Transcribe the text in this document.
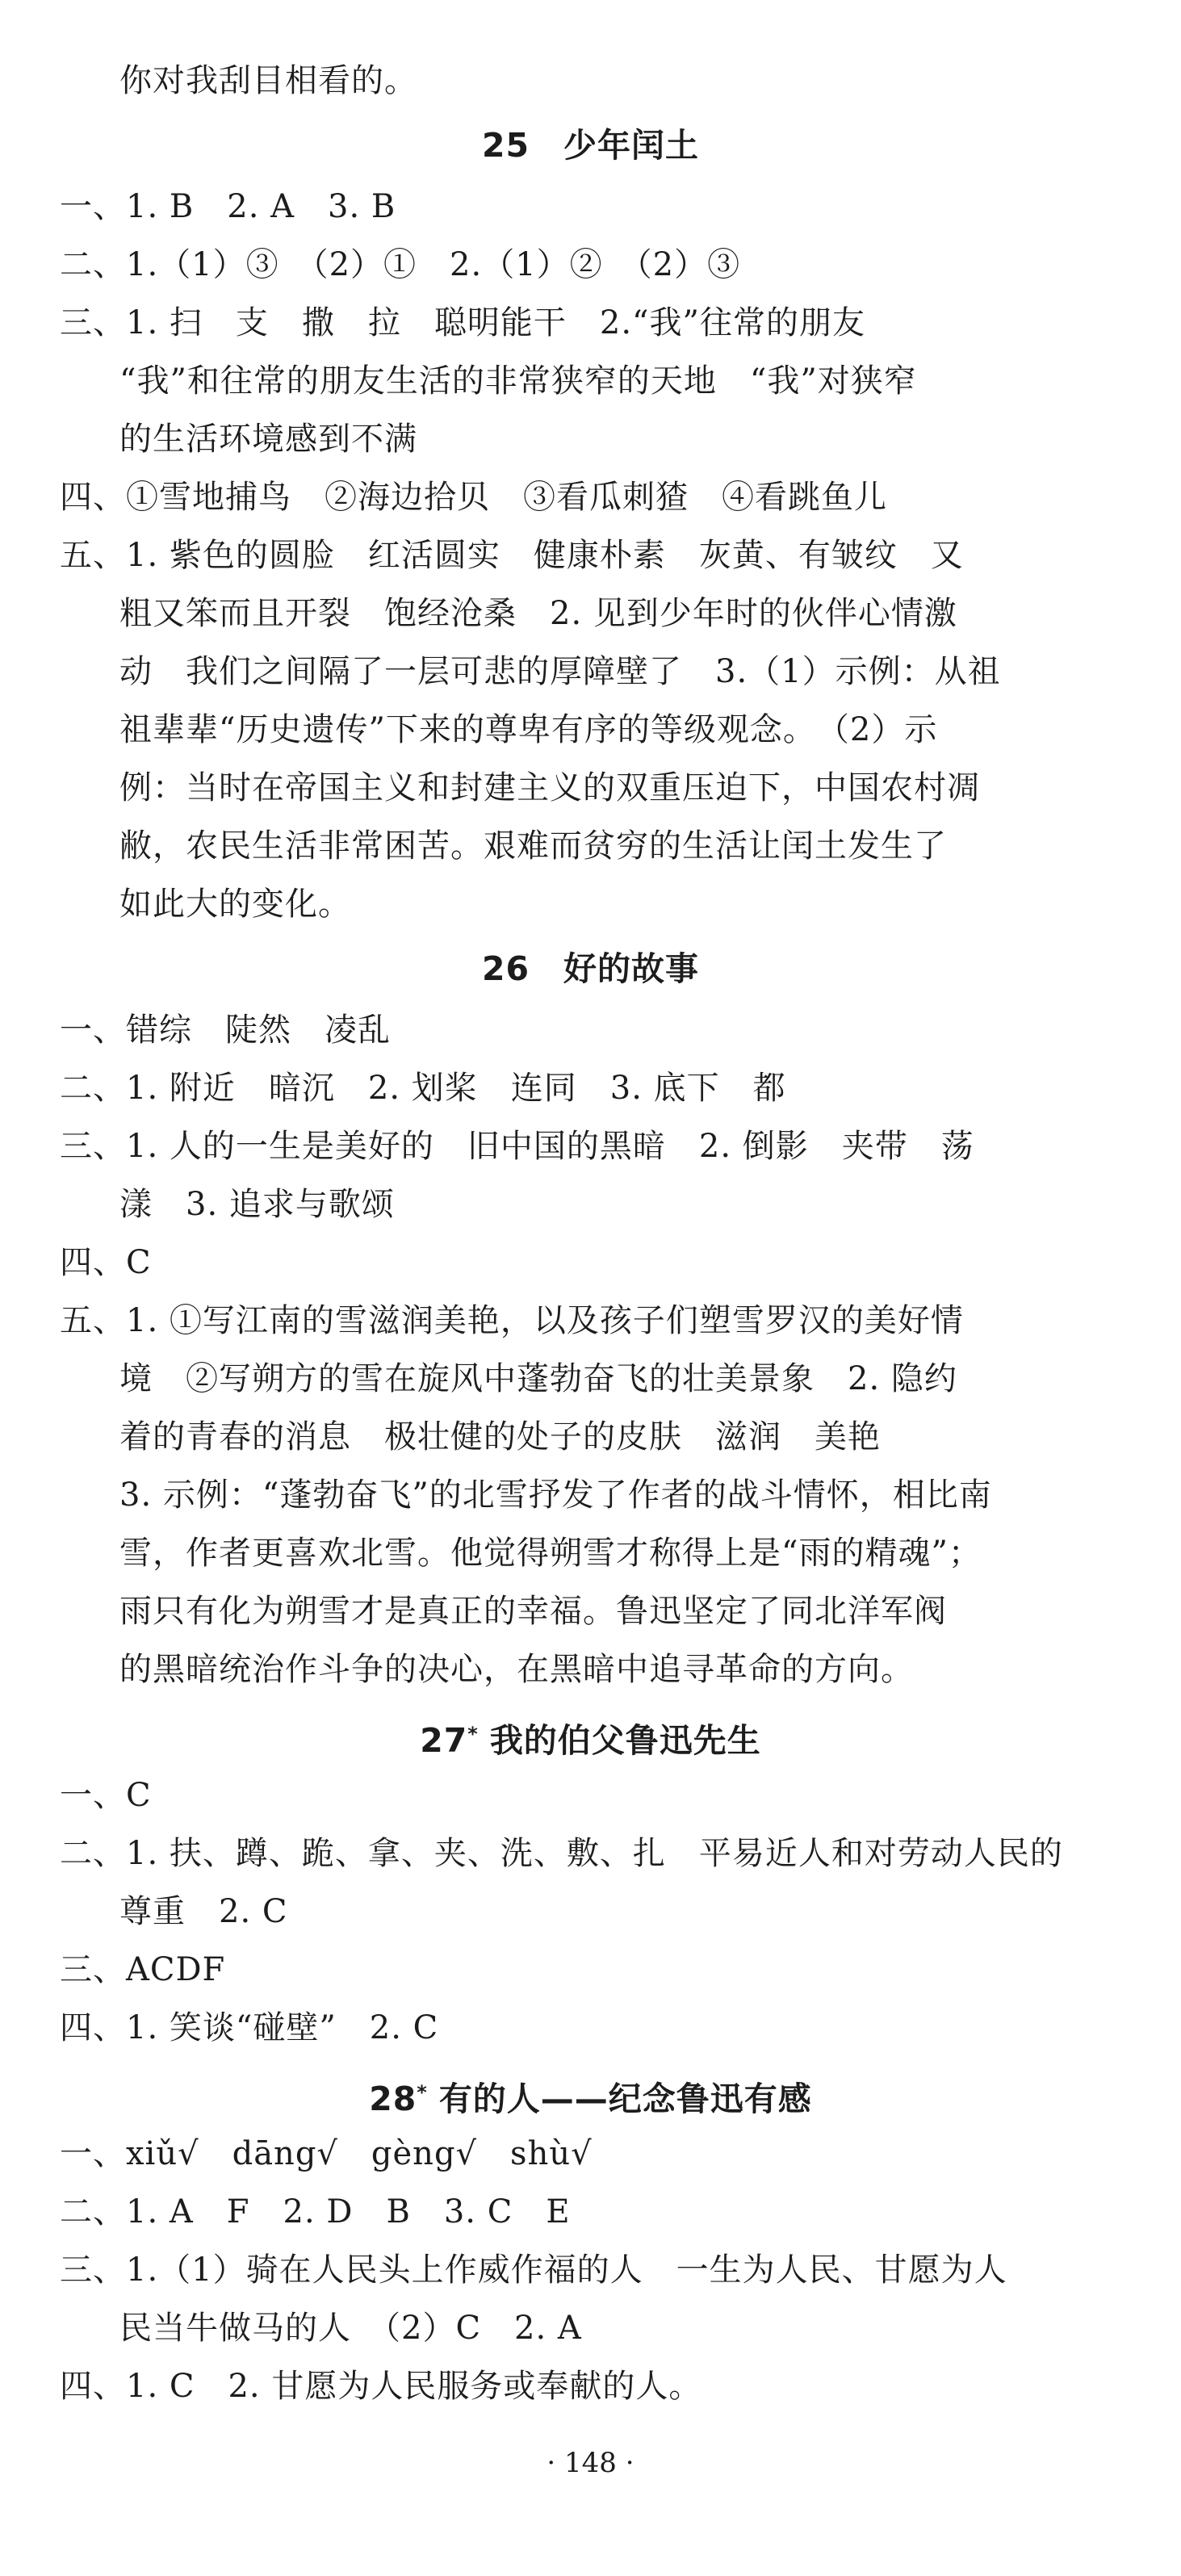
你对我刮目相看的。
25　 少年闰土
一、1. B　2. A　3. B
二、1.（1）③　（2）①　2.（1）②　（2）③
三、1. 扫　支　撒　拉　聪明能干　2.“我”往常的朋友
“我”和往常的朋友生活的非常狭窄的天地　“我”对狭窄
的生活环境感到不满
四、①雪地捕鸟　②海边拾贝　③看瓜刺猹　④看跳鱼儿
五、1. 紫色的圆脸　红活圆实　健康朴素　灰黄、有皱纹　又
粗又笨而且开裂　饱经沧桑　2. 见到少年时的伙伴心情激
动　我们之间隔了一层可悲的厚障壁了　3.（1）示例：从祖
祖辈辈“历史遗传”下来的尊卑有序的等级观念。　（2）示
例：当时在帝国主义和封建主义的双重压迫下，中国农村凋
敝，农民生活非常困苦。艰难而贫穷的生活让闰土发生了
如此大的变化。
26　 好的故事
一、错综　陡然　凌乱
二、1. 附近　暗沉　2. 划桨　连同　3. 底下　都
三、1. 人的一生是美好的　旧中国的黑暗　2. 倒影　夹带　荡
漾　3. 追求与歌颂
四、C
五、1. ①写江南的雪滋润美艳，以及孩子们塑雪罗汉的美好情
境　②写朔方的雪在旋风中蓬勃奋飞的壮美景象　2. 隐约
着的青春的消息　极壮健的处子的皮肤　滋润　美艳
3. 示例：“蓬勃奋飞”的北雪抒发了作者的战斗情怀，相比南
雪，作者更喜欢北雪。他觉得朔雪才称得上是“雨的精魂”；
雨只有化为朔雪才是真正的幸福。鲁迅坚定了同北洋军阀
的黑暗统治作斗争的决心，在黑暗中追寻革命的方向。
27* 我的伯父鲁迅先生
一、C
二、1. 扶、蹲、跪、拿、夹、洗、敷、扎　平易近人和对劳动人民的
尊重　2. C
三、ACDF
四、1. 笑谈“碰壁”　2. C
28* 有的人——纪念鲁迅有感
一、xiǔ√　dāng√　gèng√　shù√
二、1. A　F　2. D　B　3. C　E
三、1.（1）骑在人民头上作威作福的人　一生为人民、甘愿为人
民当牛做马的人　（2）C　2. A
四、1. C　2. 甘愿为人民服务或奉献的人。
· 148 ·
